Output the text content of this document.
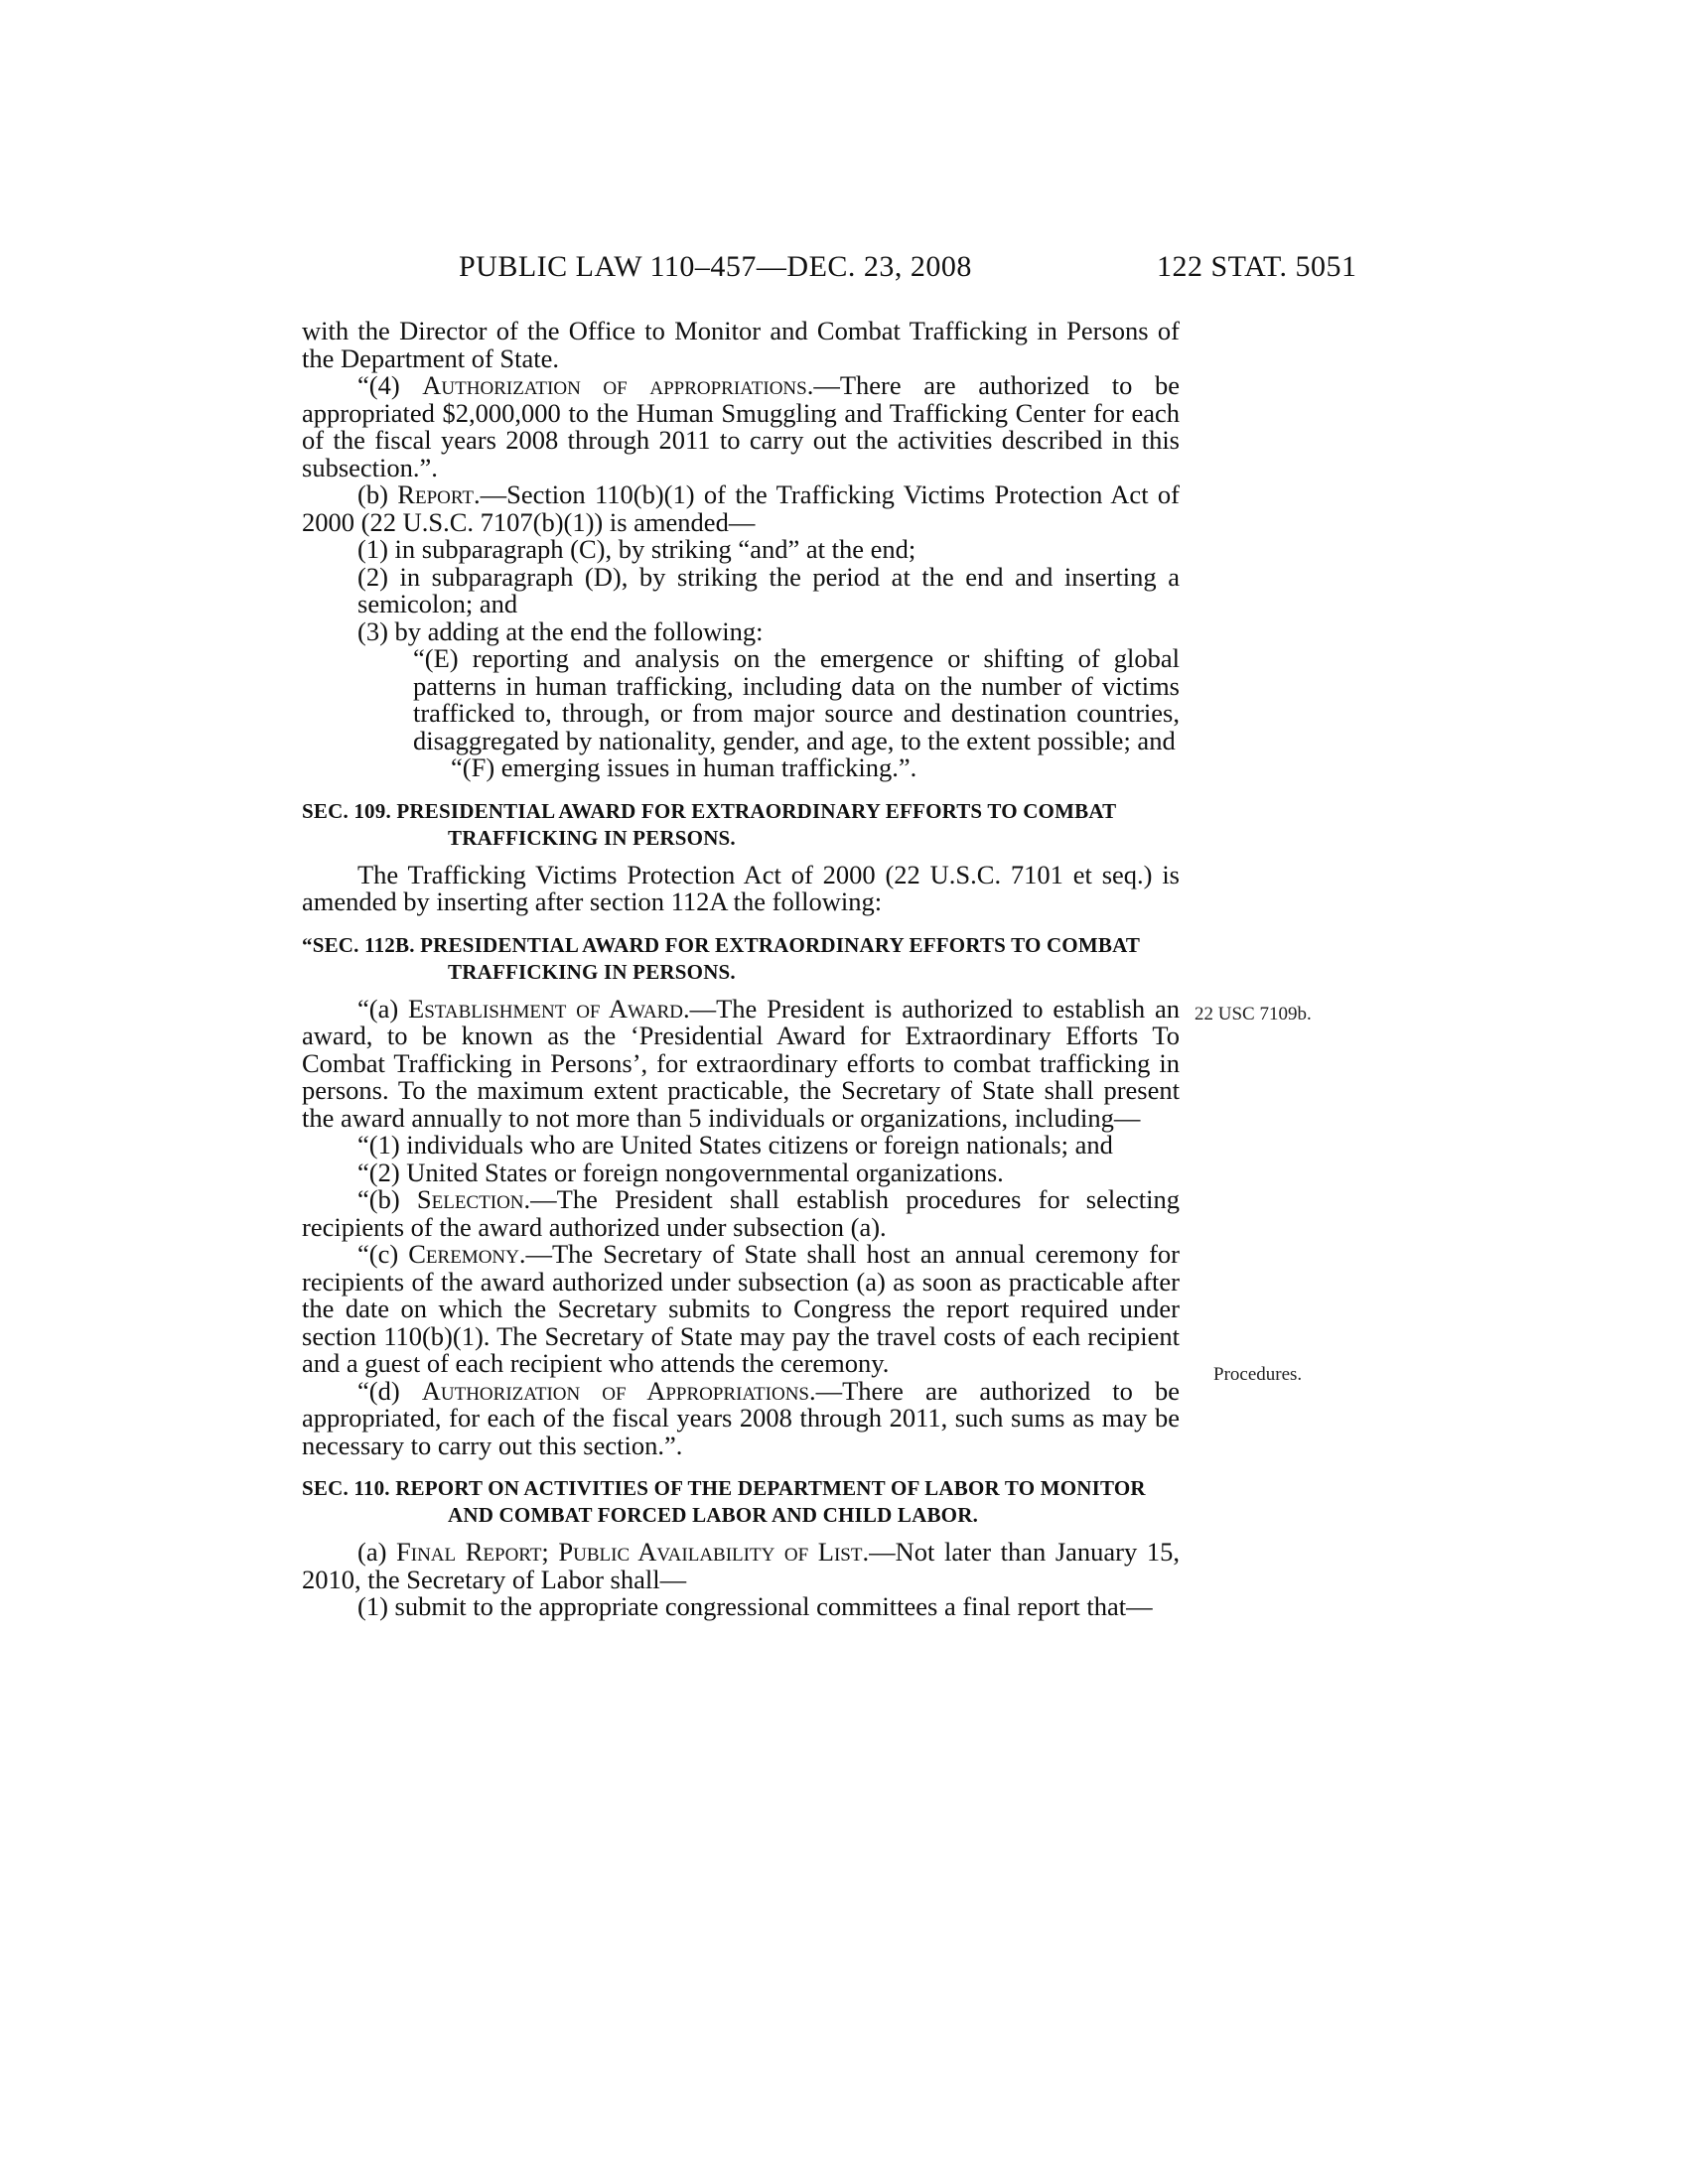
PUBLIC LAW 110–457—DEC. 23, 2008	122 STAT. 5051

with the Director of the Office to Monitor and Combat Trafficking in Persons of the Department of State.

“(4) Authorization of appropriations.—There are authorized to be appropriated $2,000,000 to the Human Smuggling and Trafficking Center for each of the fiscal years 2008 through 2011 to carry out the activities described in this subsection.”.

(b) Report.—Section 110(b)(1) of the Trafficking Victims Protection Act of 2000 (22 U.S.C. 7107(b)(1)) is amended—

(1) in subparagraph (C), by striking “and” at the end;

(2) in subparagraph (D), by striking the period at the end and inserting a semicolon; and

(3) by adding at the end the following:

“(E) reporting and analysis on the emergence or shifting of global patterns in human trafficking, including data on the number of victims trafficked to, through, or from major source and destination countries, disaggregated by nationality, gender, and age, to the extent possible; and

“(F) emerging issues in human trafficking.”.

SEC. 109. PRESIDENTIAL AWARD FOR EXTRAORDINARY EFFORTS TO COMBAT TRAFFICKING IN PERSONS.

The Trafficking Victims Protection Act of 2000 (22 U.S.C. 7101 et seq.) is amended by inserting after section 112A the following:

“SEC. 112B. PRESIDENTIAL AWARD FOR EXTRAORDINARY EFFORTS TO COMBAT TRAFFICKING IN PERSONS.

“(a) Establishment of Award.—The President is authorized to establish an award, to be known as the ‘Presidential Award for Extraordinary Efforts To Combat Trafficking in Persons’, for extraordinary efforts to combat trafficking in persons. To the maximum extent practicable, the Secretary of State shall present the award annually to not more than 5 individuals or organizations, including—

“(1) individuals who are United States citizens or foreign nationals; and

“(2) United States or foreign nongovernmental organizations.

“(b) Selection.—The President shall establish procedures for selecting recipients of the award authorized under subsection (a).

“(c) Ceremony.—The Secretary of State shall host an annual ceremony for recipients of the award authorized under subsection (a) as soon as practicable after the date on which the Secretary submits to Congress the report required under section 110(b)(1). The Secretary of State may pay the travel costs of each recipient and a guest of each recipient who attends the ceremony.

“(d) Authorization of Appropriations.—There are authorized to be appropriated, for each of the fiscal years 2008 through 2011, such sums as may be necessary to carry out this section.”.

SEC. 110. REPORT ON ACTIVITIES OF THE DEPARTMENT OF LABOR TO MONITOR AND COMBAT FORCED LABOR AND CHILD LABOR.

(a) Final Report; Public Availability of List.—Not later than January 15, 2010, the Secretary of Labor shall—

(1) submit to the appropriate congressional committees a final report that—

22 USC 7109b.
Procedures.
